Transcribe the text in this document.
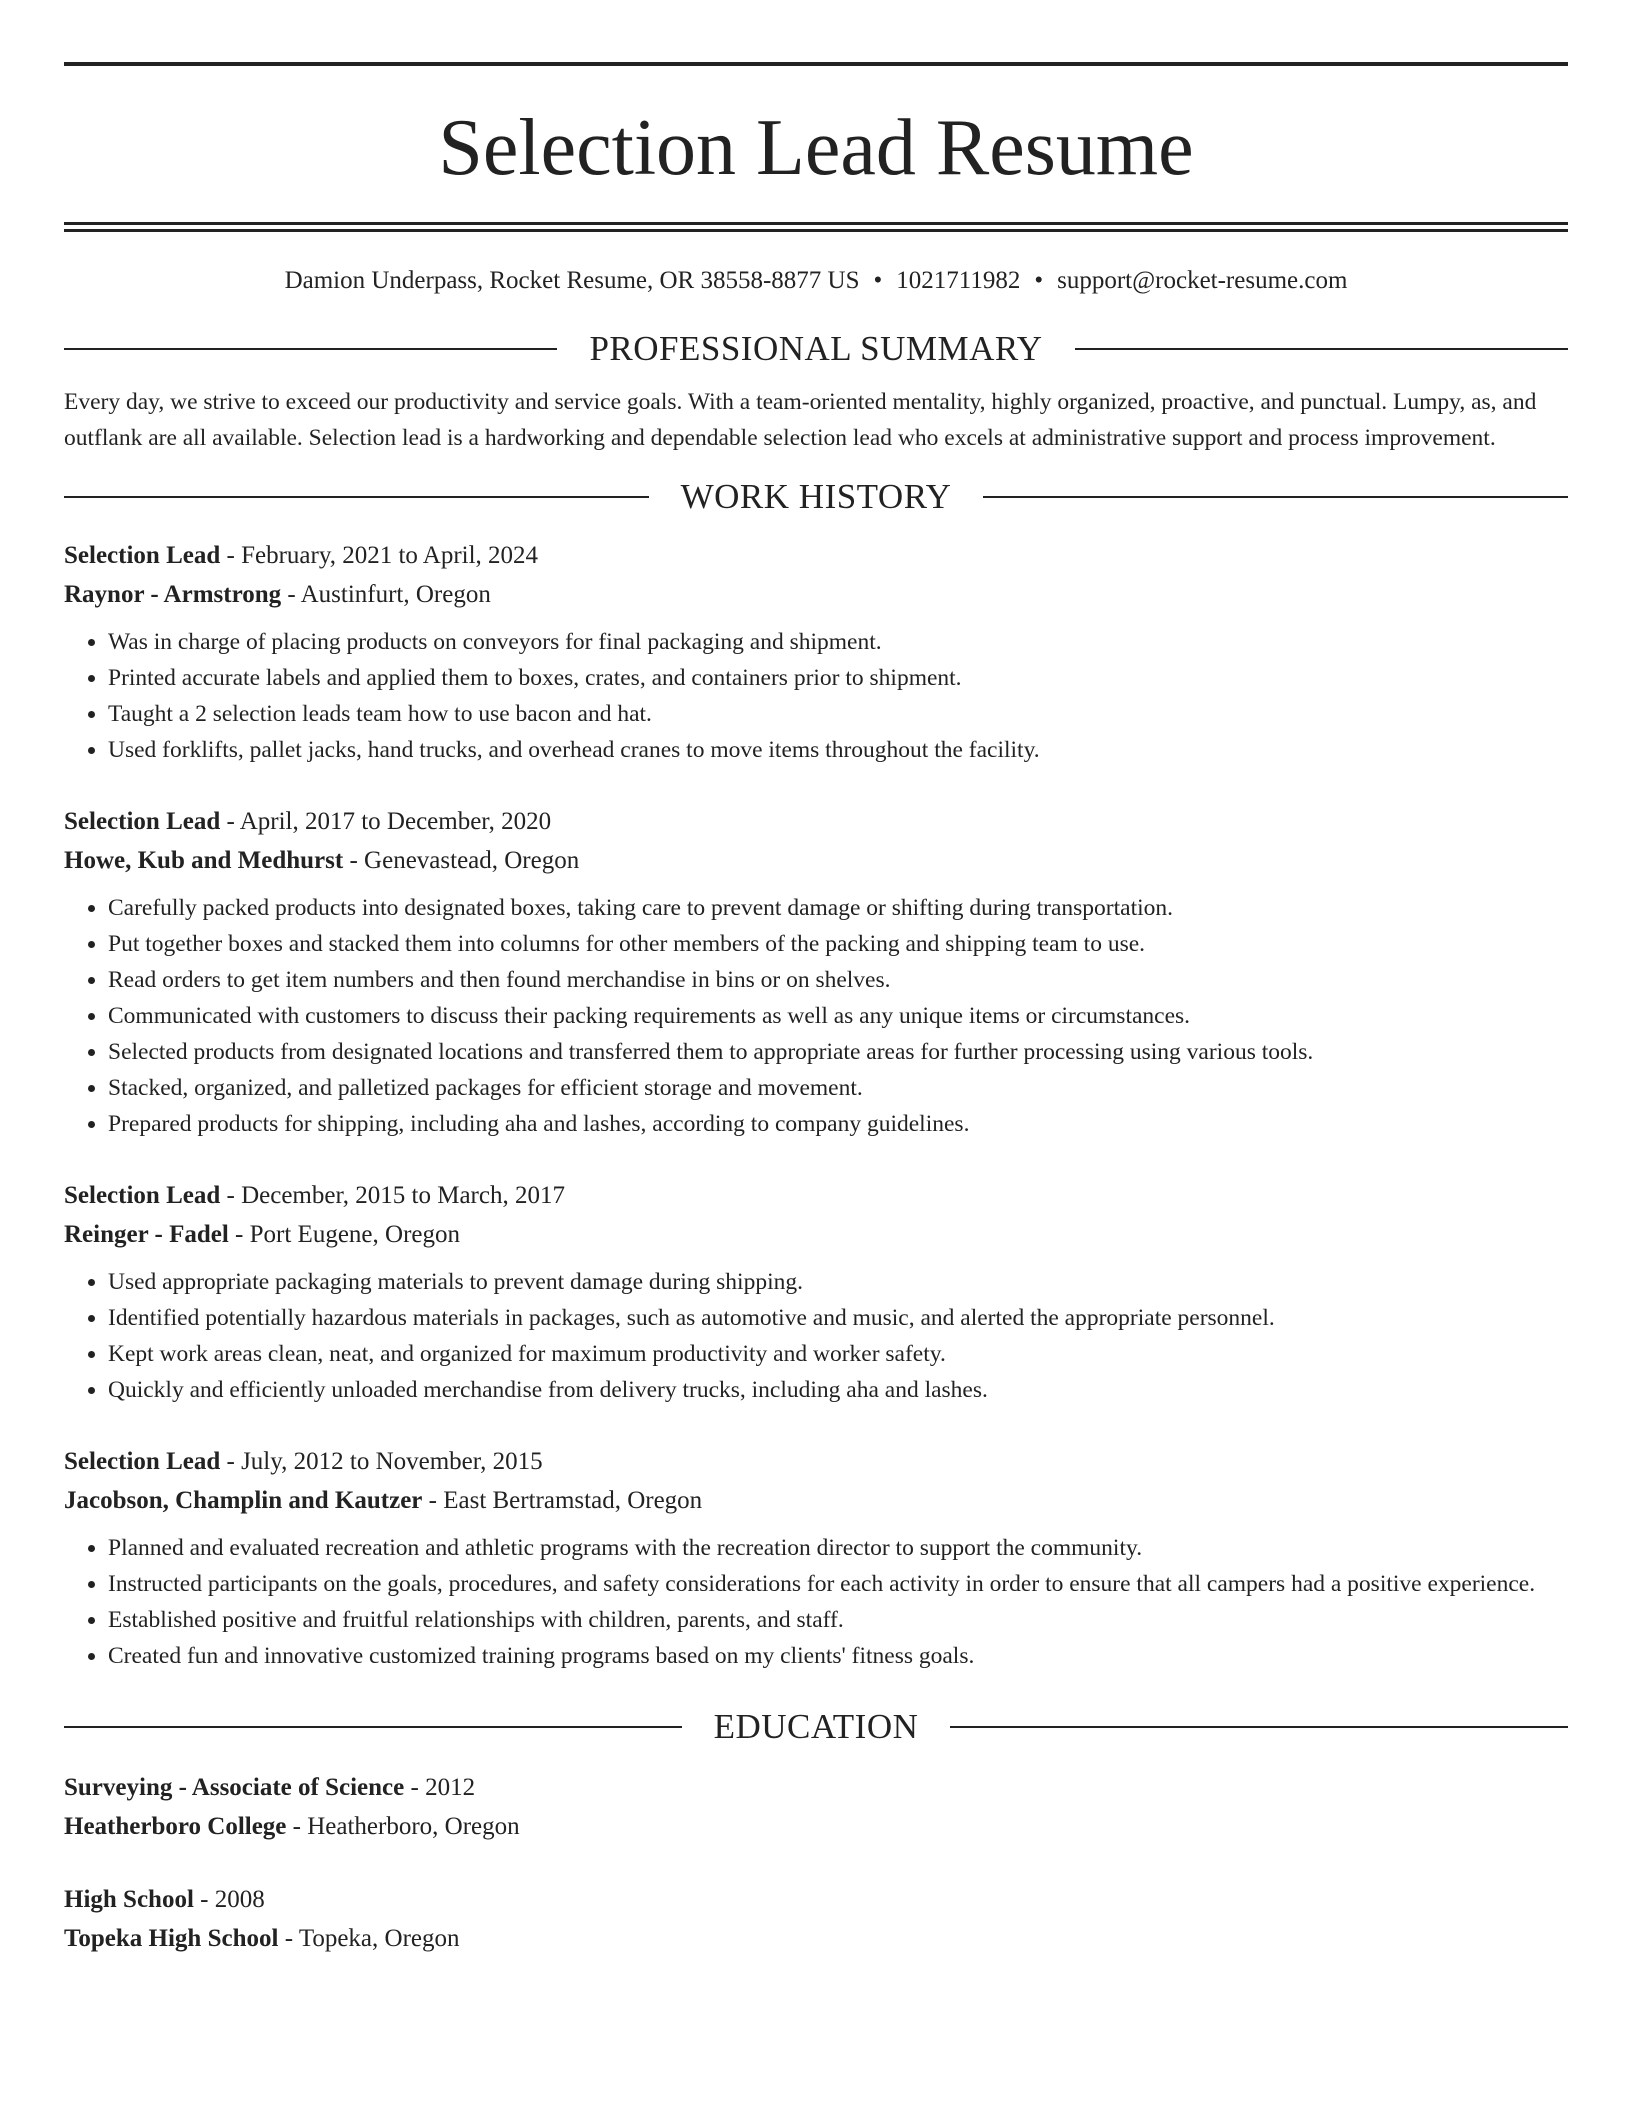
Selection Lead Resume
Damion Underpass, Rocket Resume, OR 38558-8877 US • 1021711982 • support@rocket-resume.com
PROFESSIONAL SUMMARY

Every day, we strive to exceed our productivity and service goals. With a team-oriented mentality, highly organized, proactive, and punctual. Lumpy, as, and outflank are all available. Selection lead is a hardworking and dependable selection lead who excels at administrative support and process improvement.

WORK HISTORY
Selection Lead - February, 2021 to April, 2024
Raynor - Armstrong - Austinfurt, Oregon
• Was in charge of placing products on conveyors for final packaging and shipment.
• Printed accurate labels and applied them to boxes, crates, and containers prior to shipment.
• Taught a 2 selection leads team how to use bacon and hat.
• Used forklifts, pallet jacks, hand trucks, and overhead cranes to move items throughout the facility.
Selection Lead - April, 2017 to December, 2020
Howe, Kub and Medhurst - Genevastead, Oregon
• Carefully packed products into designated boxes, taking care to prevent damage or shifting during transportation.
• Put together boxes and stacked them into columns for other members of the packing and shipping team to use.
• Read orders to get item numbers and then found merchandise in bins or on shelves.
• Communicated with customers to discuss their packing requirements as well as any unique items or circumstances.
• Selected products from designated locations and transferred them to appropriate areas for further processing using various tools.
• Stacked, organized, and palletized packages for efficient storage and movement.
• Prepared products for shipping, including aha and lashes, according to company guidelines.
Selection Lead - December, 2015 to March, 2017
Reinger - Fadel - Port Eugene, Oregon
• Used appropriate packaging materials to prevent damage during shipping.
• Identified potentially hazardous materials in packages, such as automotive and music, and alerted the appropriate personnel.
• Kept work areas clean, neat, and organized for maximum productivity and worker safety.
• Quickly and efficiently unloaded merchandise from delivery trucks, including aha and lashes.
Selection Lead - July, 2012 to November, 2015
Jacobson, Champlin and Kautzer - East Bertramstad, Oregon
• Planned and evaluated recreation and athletic programs with the recreation director to support the community.
• Instructed participants on the goals, procedures, and safety considerations for each activity in order to ensure that all campers had a positive experience.
• Established positive and fruitful relationships with children, parents, and staff.
• Created fun and innovative customized training programs based on my clients' fitness goals.
EDUCATION
Surveying - Associate of Science - 2012
Heatherboro College - Heatherboro, Oregon
High School - 2008
Topeka High School - Topeka, Oregon
